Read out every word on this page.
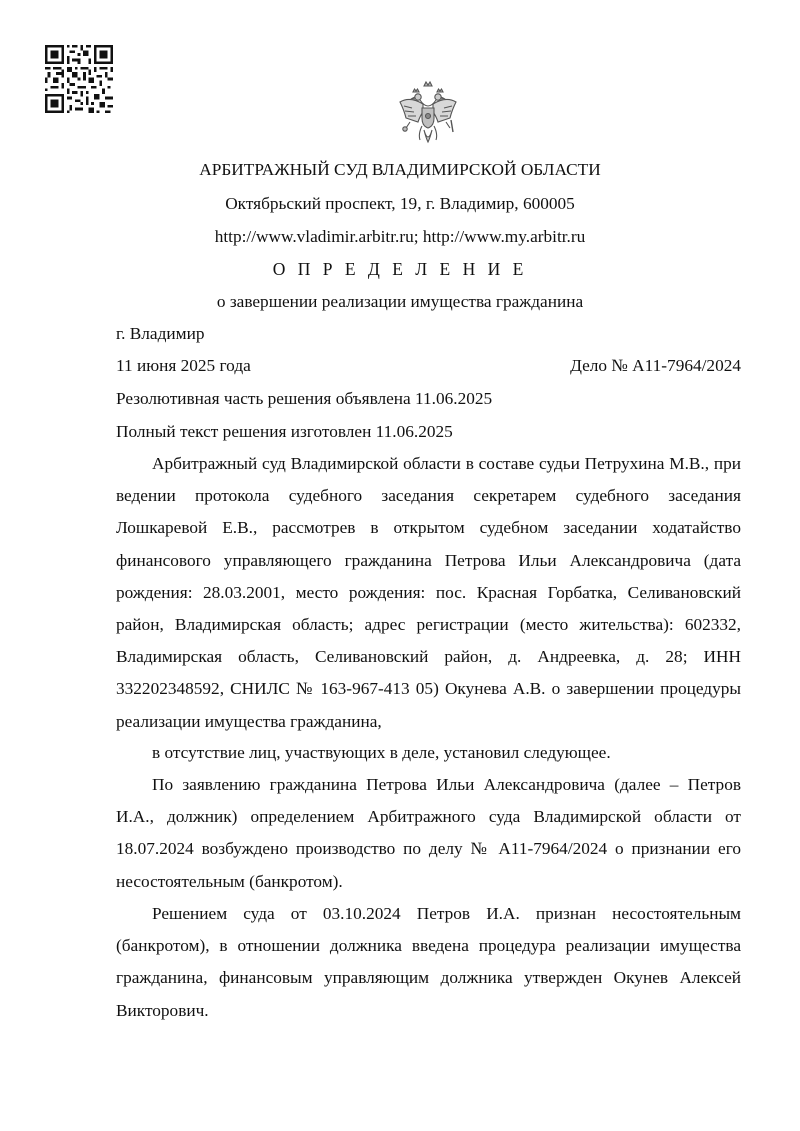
АРБИТРАЖНЫЙ СУД ВЛАДИМИРСКОЙ ОБЛАСТИ
Октябрьский проспект, 19, г. Владимир, 600005
http://www.vladimir.arbitr.ru; http://www.my.arbitr.ru
О П Р Е Д Е Л Е Н И Е
о завершении реализации имущества гражданина
г. Владимир
11 июня 2025 года	Дело № А11-7964/2024
Резолютивная часть решения объявлена 11.06.2025
Полный текст решения изготовлен 11.06.2025
Арбитражный суд Владимирской области в составе судьи Петрухина М.В., при ведении протокола судебного заседания секретарем судебного заседания Лошкаревой Е.В., рассмотрев в открытом судебном заседании ходатайство финансового управляющего гражданина Петрова Ильи Александровича (дата рождения: 28.03.2001, место рождения: пос. Красная Горбатка, Селивановский район, Владимирская область; адрес регистрации (место жительства): 602332, Владимирская область, Селивановский район, д. Андреевка, д. 28; ИНН 332202348592, СНИЛС № 163-967-413 05) Окунева А.В. о завершении процедуры реализации имущества гражданина,
в отсутствие лиц, участвующих в деле, установил следующее.
По заявлению гражданина Петрова Ильи Александровича (далее – Петров И.А., должник) определением Арбитражного суда Владимирской области от 18.07.2024 возбуждено производство по делу № А11-7964/2024 о признании его несостоятельным (банкротом).
Решением суда от 03.10.2024 Петров И.А. признан несостоятельным (банкротом), в отношении должника введена процедура реализации имущества гражданина, финансовым управляющим должника утвержден Окунев Алексей Викторович.
